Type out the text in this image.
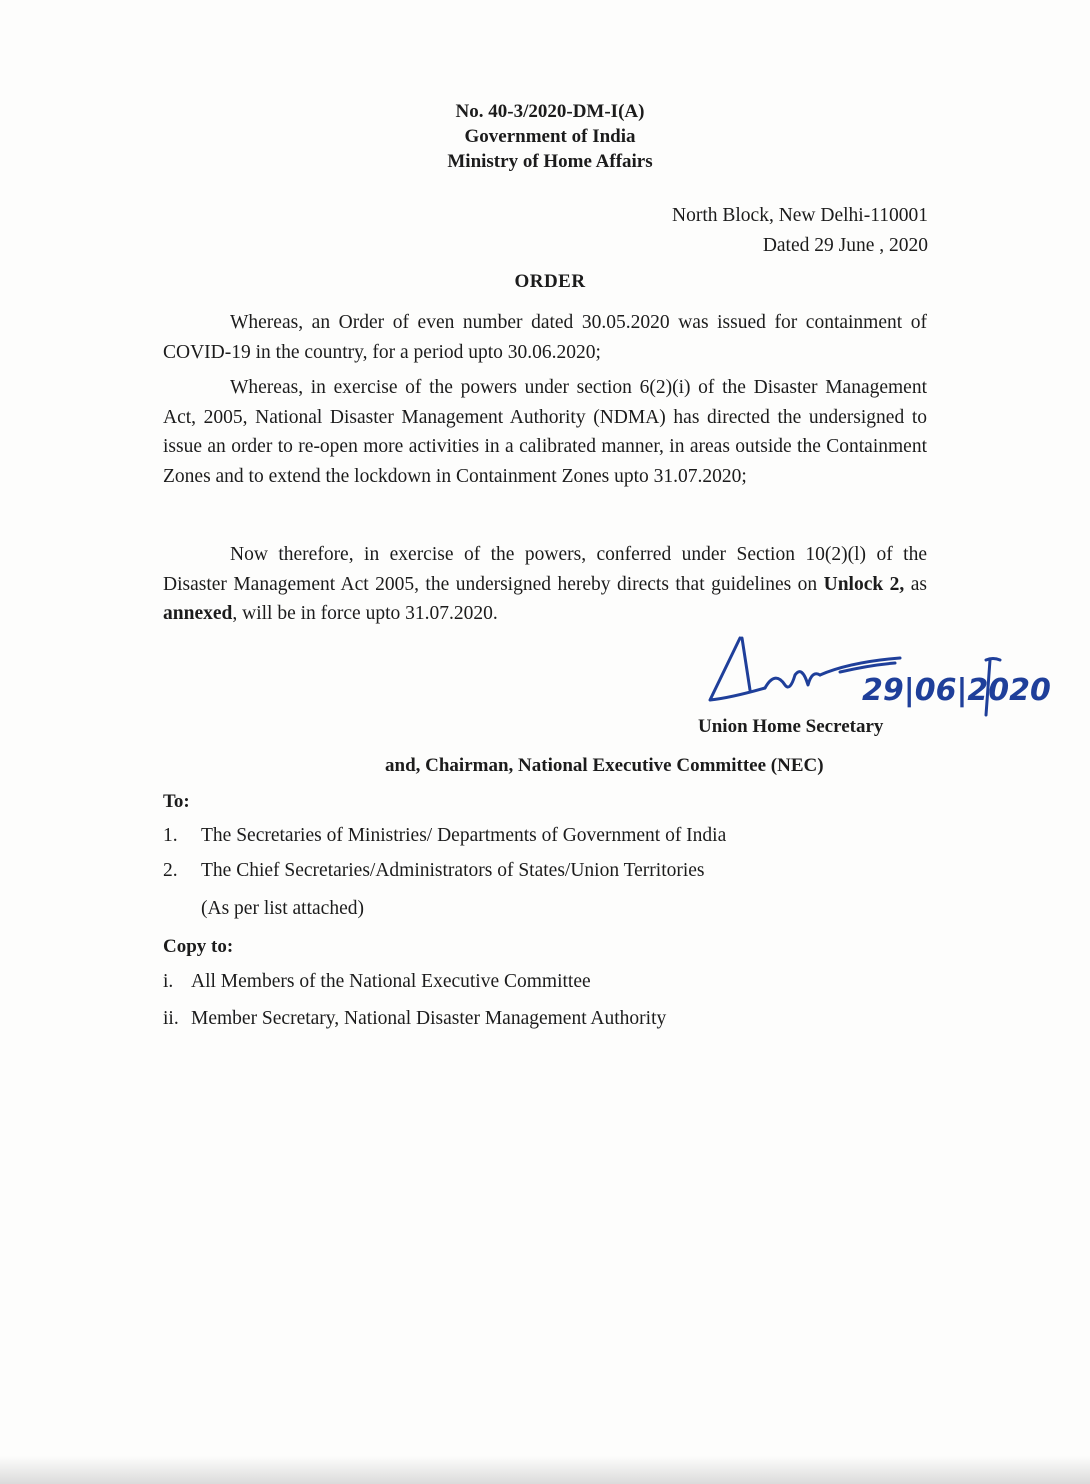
No. 40-3/2020-DM-I(A)
Government of India
Ministry of Home Affairs
North Block, New Delhi-110001
Dated 29 June , 2020
ORDER
Whereas, an Order of even number dated 30.05.2020 was issued for containment of COVID-19 in the country, for a period upto 30.06.2020;
Whereas, in exercise of the powers under section 6(2)(i) of the Disaster Management Act, 2005, National Disaster Management Authority (NDMA) has directed the undersigned to issue an order to re-open more activities in a calibrated manner, in areas outside the Containment Zones and to extend the lockdown in Containment Zones upto 31.07.2020;
Now therefore, in exercise of the powers, conferred under Section 10(2)(l) of the Disaster Management Act 2005, the undersigned hereby directs that guidelines on Unlock 2, as annexed, will be in force upto 31.07.2020.
29|06|2020
Union Home Secretary
and, Chairman, National Executive Committee (NEC)
To:
1. The Secretaries of Ministries/ Departments of Government of India
2. The Chief Secretaries/Administrators of States/Union Territories
(As per list attached)
Copy to:
i. All Members of the National Executive Committee
ii. Member Secretary, National Disaster Management Authority
